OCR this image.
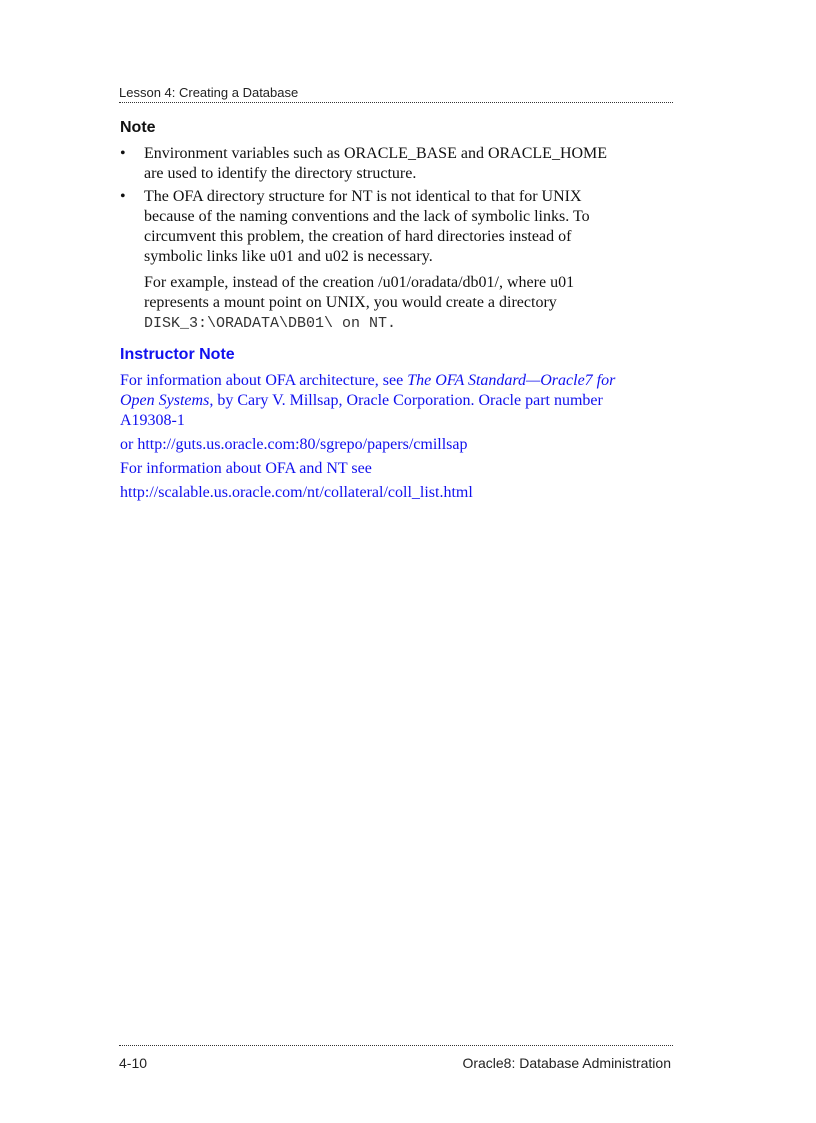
Lesson 4: Creating a Database
Note
• Environment variables such as ORACLE_BASE and ORACLE_HOME are used to identify the directory structure.
• The OFA directory structure for NT is not identical to that for UNIX because of the naming conventions and the lack of symbolic links. To circumvent this problem, the creation of hard directories instead of symbolic links like u01 and u02 is necessary.
For example, instead of the creation /u01/oradata/db01/, where u01 represents a mount point on UNIX, you would create a directory
DISK_3:\ORADATA\DB01\ on NT.
Instructor Note

For information about OFA architecture, see The OFA Standard—Oracle7 for Open Systems, by Cary V. Millsap, Oracle Corporation. Oracle part number A19308-1

or http://guts.us.oracle.com:80/sgrepo/papers/cmillsap

For information about OFA and NT see

http://scalable.us.oracle.com/nt/collateral/coll_list.html

4-10	Oracle8: Database Administration
